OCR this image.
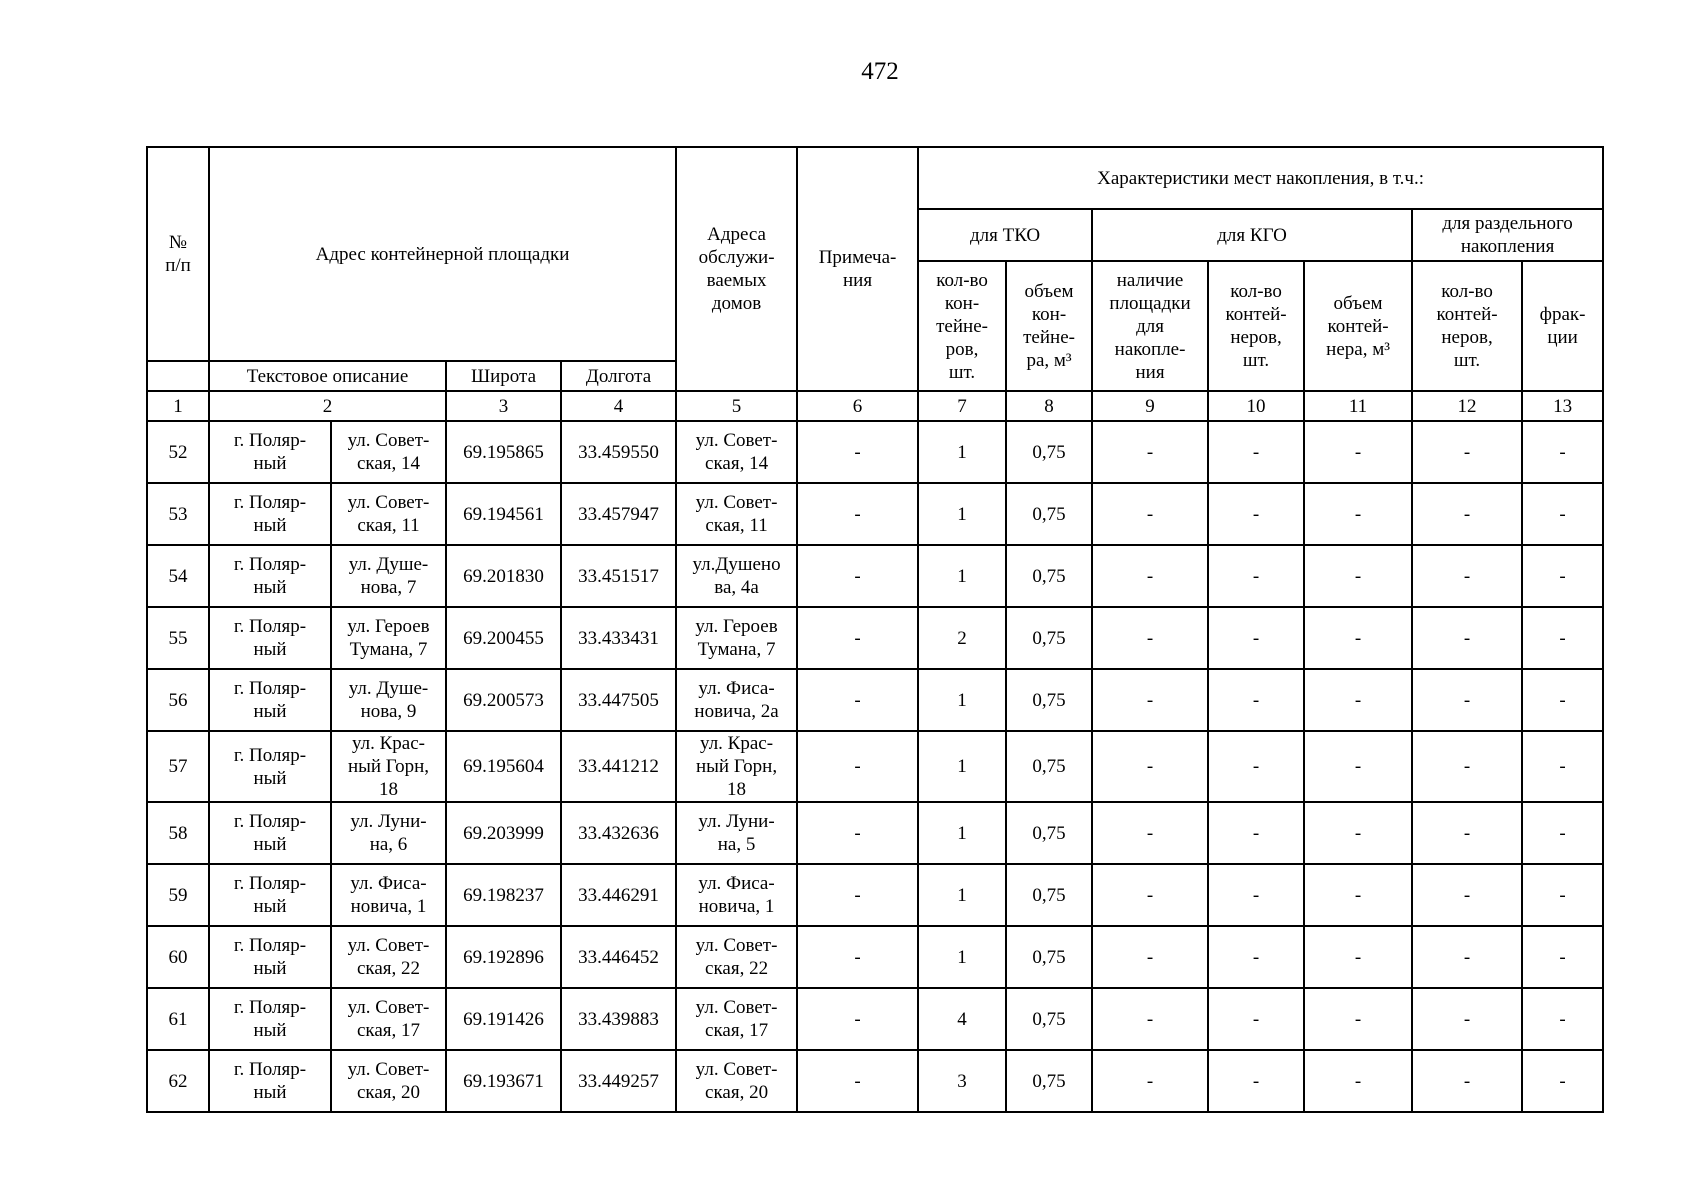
472
№
п/п	Адрес контейнерной площадки				Адреса
обслужи-
ваемых
домов	Примеча-
ния	Характеристики мест накопления, в т.ч.:						
							для ТКО		для КГО			для раздельного
накопления	
							кол-во
кон-
тейне-
ров,
шт.	объем
кон-
тейне-
ра, м³	наличие
площадки
для
накопле-
ния	кол-во
контей-
неров,
шт.	объем
контей-
нера, м³	кол-во
контей-
неров,
шт.	фрак-
ции
	Текстовое описание		Широта	Долгота									
1	2		3	4	5	6	7	8	9	10	11	12	13
52	г. Поляр-
ный	ул. Совет-
ская, 14	69.195865	33.459550	ул. Совет-
ская, 14	-	1	0,75	-	-	-	-	-
53	г. Поляр-
ный	ул. Совет-
ская, 11	69.194561	33.457947	ул. Совет-
ская, 11	-	1	0,75	-	-	-	-	-
54	г. Поляр-
ный	ул. Душе-
нова, 7	69.201830	33.451517	ул.Душено
ва, 4а	-	1	0,75	-	-	-	-	-
55	г. Поляр-
ный	ул. Героев
Тумана, 7	69.200455	33.433431	ул. Героев
Тумана, 7	-	2	0,75	-	-	-	-	-
56	г. Поляр-
ный	ул. Душе-
нова, 9	69.200573	33.447505	ул. Фиса-
новича, 2а	-	1	0,75	-	-	-	-	-
57	г. Поляр-
ный	ул. Крас-
ный Горн,
18	69.195604	33.441212	ул. Крас-
ный Горн,
18	-	1	0,75	-	-	-	-	-
58	г. Поляр-
ный	ул. Луни-
на, 6	69.203999	33.432636	ул. Луни-
на, 5	-	1	0,75	-	-	-	-	-
59	г. Поляр-
ный	ул. Фиса-
новича, 1	69.198237	33.446291	ул. Фиса-
новича, 1	-	1	0,75	-	-	-	-	-
60	г. Поляр-
ный	ул. Совет-
ская, 22	69.192896	33.446452	ул. Совет-
ская, 22	-	1	0,75	-	-	-	-	-
61	г. Поляр-
ный	ул. Совет-
ская, 17	69.191426	33.439883	ул. Совет-
ская, 17	-	4	0,75	-	-	-	-	-
62	г. Поляр-
ный	ул. Совет-
ская, 20	69.193671	33.449257	ул. Совет-
ская, 20	-	3	0,75	-	-	-	-	-
